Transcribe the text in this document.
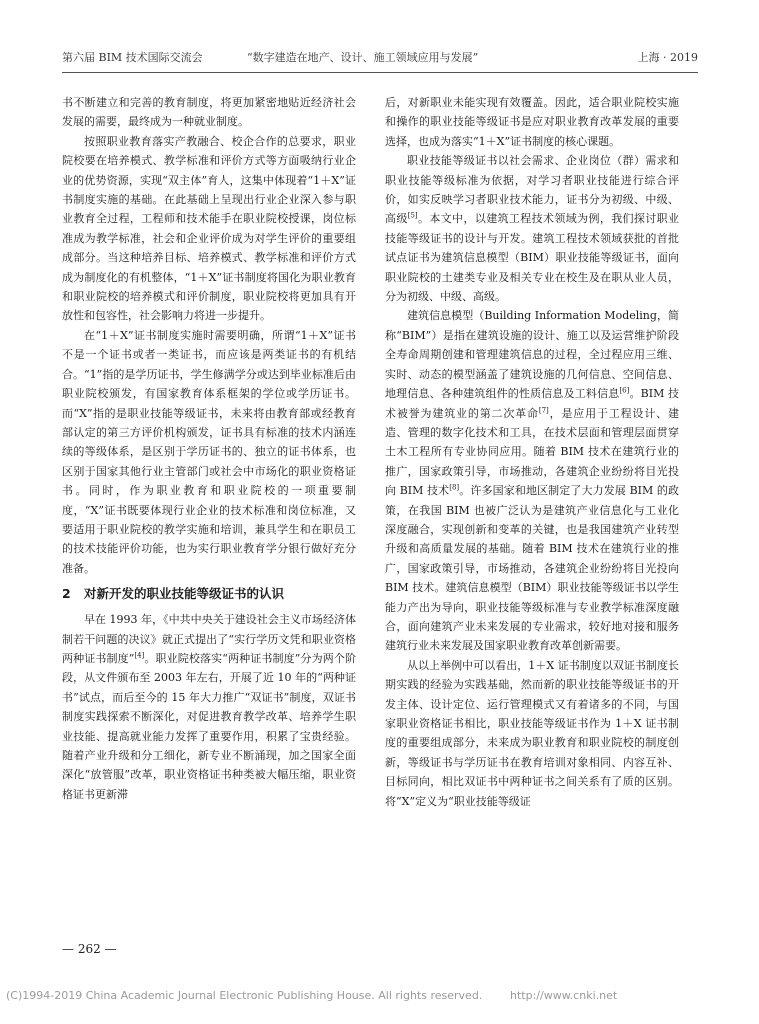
第六届 BIM 技术国际交流会	“数字建造在地产、设计、施工领域应用与发展”	上海 · 2019

书不断建立和完善的教育制度，将更加紧密地贴近经济社会发展的需要，最终成为一种就业制度。

按照职业教育落实产教融合、校企合作的总要求，职业院校要在培养模式、教学标准和评价方式等方面吸纳行业企业的优势资源，实现“双主体”育人，这集中体现着“1＋X”证书制度实施的基础。在此基础上呈现出行业企业深入参与职业教育全过程，工程师和技术能手在职业院校授课，岗位标准成为教学标准，社会和企业评价成为对学生评价的重要组成部分。当这种培养目标、培养模式、教学标准和评价方式成为制度化的有机整体，“1＋X”证书制度将国化为职业教育和职业院校的培养模式和评价制度，职业院校将更加具有开放性和包容性，社会影响力将进一步提升。

在“1＋X”证书制度实施时需要明确，所谓“1＋X”证书不是一个证书或者一类证书，而应该是两类证书的有机结合。“1”指的是学历证书，学生修满学分或达到毕业标准后由职业院校颁发，有国家教育体系框架的学位或学历证书。而“X”指的是职业技能等级证书，未来将由教育部或经教育部认定的第三方评价机构颁发，证书具有标准的技术内涵连续的等级体系，是区别于学历证书的、独立的证书体系，也区别于国家其他行业主管部门或社会中市场化的职业资格证书。同时，作为职业教育和职业院校的一项重要制度，“X”证书既要体现行业企业的技术标准和岗位标准，又要适用于职业院校的教学实施和培训，兼具学生和在职员工的技术技能评价功能，也为实行职业教育学分银行做好充分准备。

2 对新开发的职业技能等级证书的认识

早在 1993 年，《中共中央关于建设社会主义市场经济体制若干问题的决议》就正式提出了“实行学历文凭和职业资格两种证书制度”[4]。职业院校落实“两种证书制度”分为两个阶段，从文件颁布至 2003 年左右，开展了近 10 年的“两种证书”试点，而后至今的 15 年大力推广“双证书”制度，双证书制度实践探索不断深化，对促进教育教学改革、培养学生职业技能、提高就业能力发挥了重要作用，积累了宝贵经验。随着产业升级和分工细化，新专业不断涌现，加之国家全面深化“放管服”改革，职业资格证书种类被大幅压缩，职业资格证书更新滞

后，对新职业未能实现有效覆盖。因此，适合职业院校实施和操作的职业技能等级证书是应对职业教育改革发展的重要选择，也成为落实“1＋X”证书制度的核心课题。

职业技能等级证书以社会需求、企业岗位（群）需求和职业技能等级标准为依据，对学习者职业技能进行综合评价，如实反映学习者职业技术能力，证书分为初级、中级、高级[5]。本文中，以建筑工程技术领域为例，我们探讨职业技能等级证书的设计与开发。建筑工程技术领域获批的首批试点证书为建筑信息模型（BIM）职业技能等级证书，面向职业院校的土建类专业及相关专业在校生及在职从业人员，分为初级、中级、高级。

建筑信息模型（Building Information Modeling，简称“BIM”）是指在建筑设施的设计、施工以及运营维护阶段全寿命周期创建和管理建筑信息的过程，全过程应用三维、实时、动态的模型涵盖了建筑设施的几何信息、空间信息、地理信息、各种建筑组件的性质信息及工料信息[6]。BIM 技术被誉为建筑业的第二次革命[7]，是应用于工程设计、建造、管理的数字化技术和工具，在技术层面和管理层面贯穿土木工程所有专业协同应用。随着 BIM 技术在建筑行业的推广，国家政策引导，市场推动，各建筑企业纷纷将目光投向 BIM 技术[8]。许多国家和地区制定了大力发展 BIM 的政策，在我国 BIM 也被广泛认为是建筑产业信息化与工业化深度融合，实现创新和变革的关键，也是我国建筑产业转型升级和高质量发展的基础。随着 BIM 技术在建筑行业的推广，国家政策引导，市场推动，各建筑企业纷纷将目光投向 BIM 技术。建筑信息模型（BIM）职业技能等级证书以学生能力产出为导向，职业技能等级标准与专业教学标准深度融合，面向建筑产业未来发展的专业需求，较好地对接和服务建筑行业未来发展及国家职业教育改革创新需要。

从以上举例中可以看出，1＋X 证书制度以双证书制度长期实践的经验为实践基础，然而新的职业技能等级证书的开发主体、设计定位、运行管理模式又有着诸多的不同，与国家职业资格证书相比，职业技能等级证书作为 1＋X 证书制度的重要组成部分，未来成为职业教育和职业院校的制度创新，等级证书与学历证书在教育培训对象相同、内容互补、目标同向，相比双证书中两种证书之间关系有了质的区别。将“X”定义为“职业技能等级证

— 262 —
(C)1994-2019 China Academic Journal Electronic Publishing House. All rights reserved.	http://www.cnki.net
